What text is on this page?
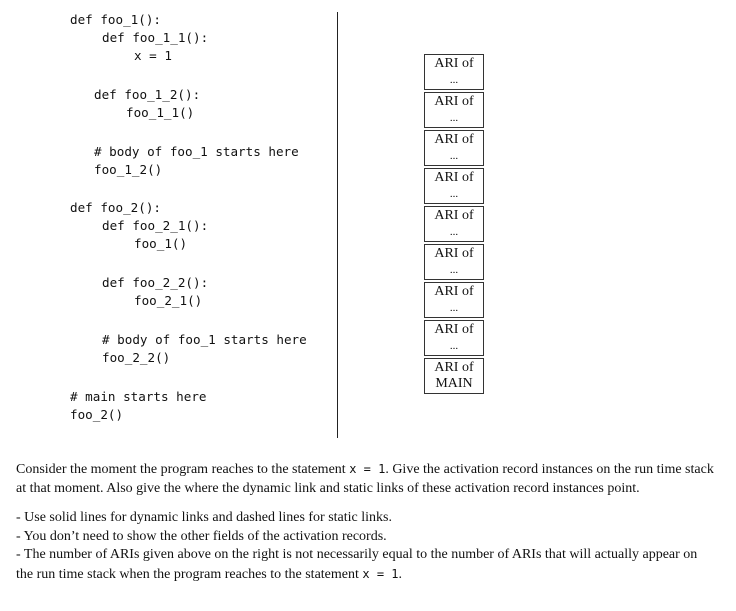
def foo_1():
def foo_1_1():
x = 1
def foo_1_2():
foo_1_1()
# body of foo_1 starts here
foo_1_2()
def foo_2():
def foo_2_1():
foo_1()
def foo_2_2():
foo_2_1()
# body of foo_1 starts here
foo_2_2()
# main starts here
foo_2()
ARI of
...
ARI of
...
ARI of
...
ARI of
...
ARI of
...
ARI of
...
ARI of
...
ARI of
...
ARI of
MAIN

Consider the moment the program reaches to the statement x = 1. Give the activation record instances on the run time stack at that moment. Also give the where the dynamic link and static links of these activation record instances point.

- Use solid lines for dynamic links and dashed lines for static links.

- You don’t need to show the other fields of the activation records.

- The number of ARIs given above on the right is not necessarily equal to the number of ARIs that will actually appear on the run time stack when the program reaches to the statement x = 1.
